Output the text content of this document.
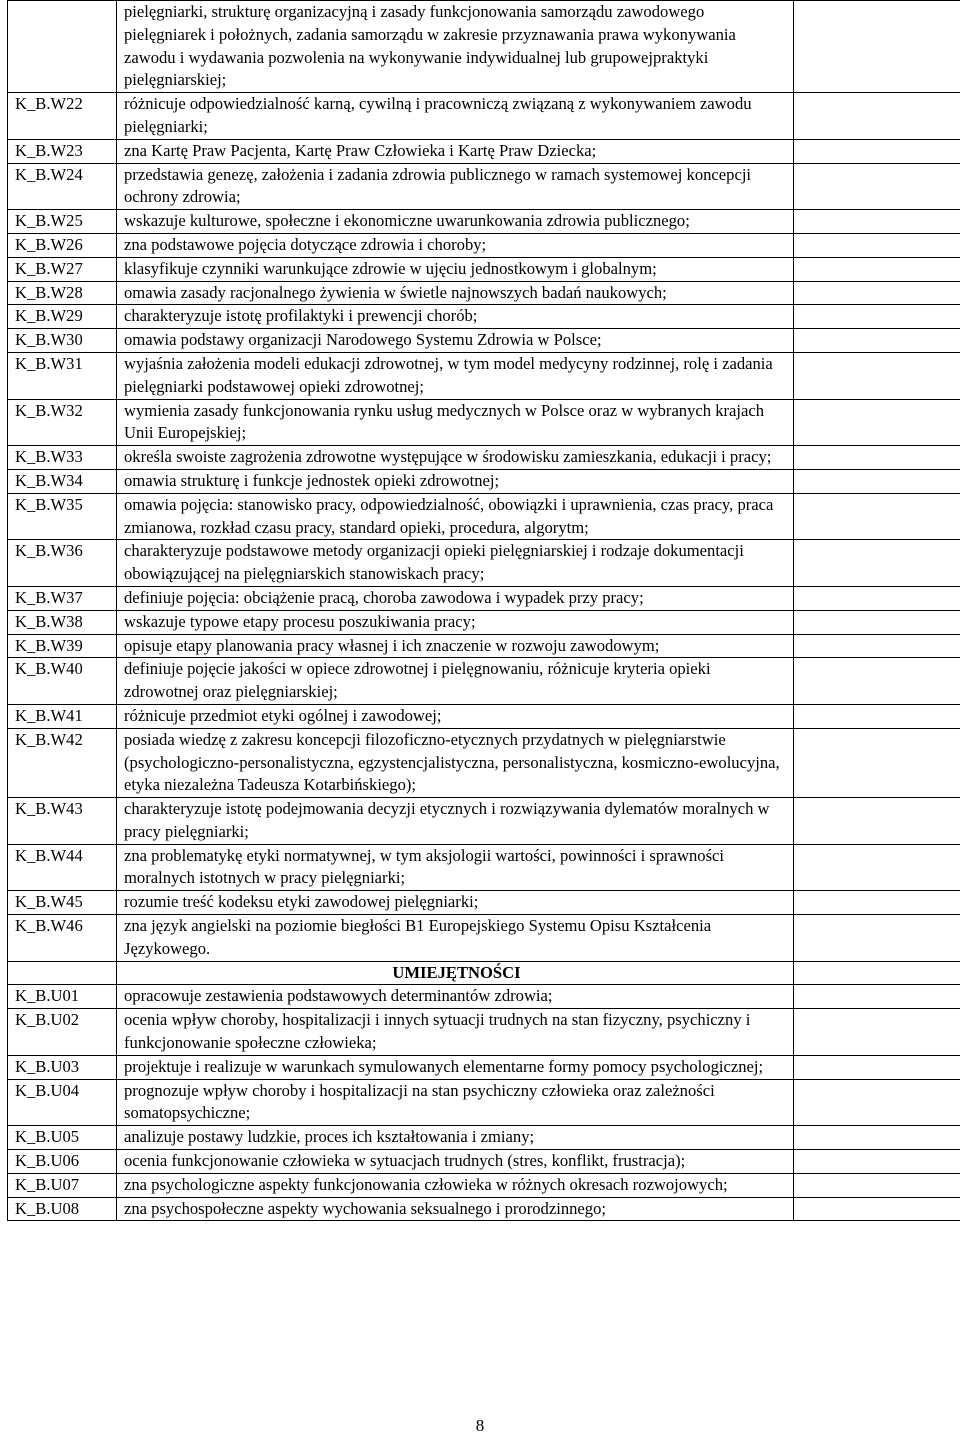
	pielęgniarki, strukturę organizacyjną i zasady funkcjonowania samorządu zawodowego pielęgniarek i położnych, zadania samorządu w zakresie przyznawania prawa wykonywania zawodu i wydawania pozwolenia na wykonywanie indywidualnej lub grupowejpraktyki pielęgniarskiej;	
K_B.W22	różnicuje odpowiedzialność karną, cywilną i pracowniczą związaną z wykonywaniem zawodu pielęgniarki;	
K_B.W23	zna Kartę Praw Pacjenta, Kartę Praw Człowieka i Kartę Praw Dziecka;	
K_B.W24	przedstawia genezę, założenia i zadania zdrowia publicznego w ramach systemowej koncepcji ochrony zdrowia;	
K_B.W25	wskazuje kulturowe, społeczne i ekonomiczne uwarunkowania zdrowia publicznego;	
K_B.W26	zna podstawowe pojęcia dotyczące zdrowia i choroby;	
K_B.W27	klasyfikuje czynniki warunkujące zdrowie w ujęciu jednostkowym i globalnym;	
K_B.W28	omawia zasady racjonalnego żywienia w świetle najnowszych badań naukowych;	
K_B.W29	charakteryzuje istotę profilaktyki i prewencji chorób;	
K_B.W30	omawia podstawy organizacji Narodowego Systemu Zdrowia w Polsce;	
K_B.W31	wyjaśnia założenia modeli edukacji zdrowotnej, w tym model medycyny rodzinnej, rolę i zadania pielęgniarki podstawowej opieki zdrowotnej;	
K_B.W32	wymienia zasady funkcjonowania rynku usług medycznych w Polsce oraz w wybranych krajach Unii Europejskiej;	
K_B.W33	określa swoiste zagrożenia zdrowotne występujące w środowisku zamieszkania, edukacji i pracy;	
K_B.W34	omawia strukturę i funkcje jednostek opieki zdrowotnej;	
K_B.W35	omawia pojęcia: stanowisko pracy, odpowiedzialność, obowiązki i uprawnienia, czas pracy, praca zmianowa, rozkład czasu pracy, standard opieki, procedura, algorytm;	
K_B.W36	charakteryzuje podstawowe metody organizacji opieki pielęgniarskiej i rodzaje dokumentacji obowiązującej na pielęgniarskich stanowiskach pracy;	
K_B.W37	definiuje pojęcia: obciążenie pracą, choroba zawodowa i wypadek przy pracy;	
K_B.W38	wskazuje typowe etapy procesu poszukiwania pracy;	
K_B.W39	opisuje etapy planowania pracy własnej i ich znaczenie w rozwoju zawodowym;	
K_B.W40	definiuje pojęcie jakości w opiece zdrowotnej i pielęgnowaniu, różnicuje kryteria opieki zdrowotnej oraz pielęgniarskiej;	
K_B.W41	różnicuje przedmiot etyki ogólnej i zawodowej;	
K_B.W42	posiada wiedzę z zakresu koncepcji filozoficzno-etycznych przydatnych w pielęgniarstwie (psychologiczno-personalistyczna, egzystencjalistyczna, personalistyczna, kosmiczno-ewolucyjna, etyka niezależna Tadeusza Kotarbińskiego);	
K_B.W43	charakteryzuje istotę podejmowania decyzji etycznych i rozwiązywania dylematów moralnych w pracy pielęgniarki;	
K_B.W44	zna problematykę etyki normatywnej, w tym aksjologii wartości, powinności i sprawności moralnych istotnych w pracy pielęgniarki;	
K_B.W45	rozumie treść kodeksu etyki zawodowej pielęgniarki;	
K_B.W46	zna język angielski na poziomie biegłości B1 Europejskiego Systemu Opisu Kształcenia Językowego.	
	UMIEJĘTNOŚCI	
K_B.U01	opracowuje zestawienia podstawowych determinantów zdrowia;	
K_B.U02	ocenia wpływ choroby, hospitalizacji i innych sytuacji trudnych na stan fizyczny, psychiczny i funkcjonowanie społeczne człowieka;	
K_B.U03	projektuje i realizuje w warunkach symulowanych elementarne formy pomocy psychologicznej;	
K_B.U04	prognozuje wpływ choroby i hospitalizacji na stan psychiczny człowieka oraz zależności somatopsychiczne;	
K_B.U05	analizuje postawy ludzkie, proces ich kształtowania i zmiany;	
K_B.U06	ocenia funkcjonowanie człowieka w sytuacjach trudnych (stres, konflikt, frustracja);	
K_B.U07	zna psychologiczne aspekty funkcjonowania człowieka w różnych okresach rozwojowych;	
K_B.U08	zna psychospołeczne aspekty wychowania seksualnego i prorodzinnego;	
8
